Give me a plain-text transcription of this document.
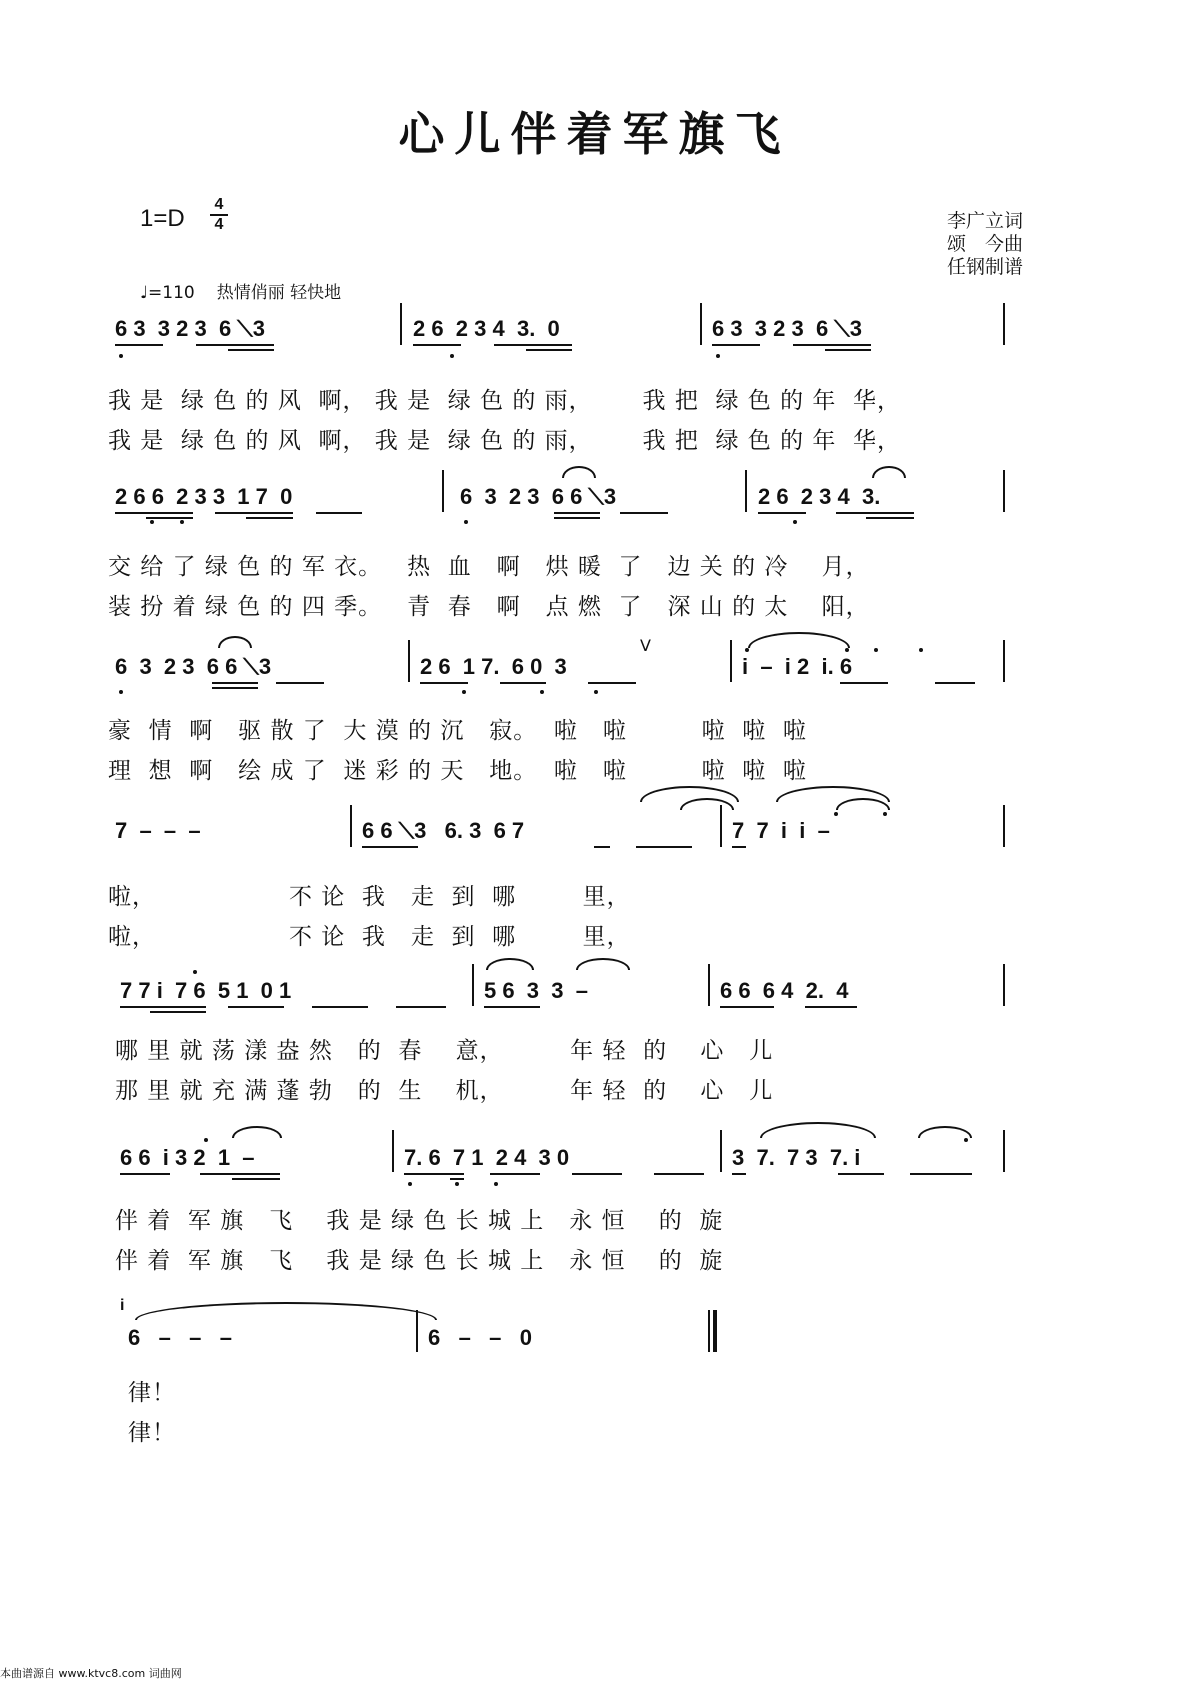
心儿伴着军旗飞
1=D
4
4
♩=110 热情俏丽 轻快地
李广立词
颂　今曲
任钢制谱
6 3  3 2 3  6 ⟍3	2 6  2 3 4  3.  0	6 3  3 2 3  6 ⟍3
我 是  绿 色 的 风  啊， 我 是  绿 色 的 雨，      我 把  绿 色 的 年  华，
我 是  绿 色 的 风  啊， 我 是  绿 色 的 雨，      我 把  绿 色 的 年  华，
2 6 6  2 3 3  1 7  0	6  3  2 3  6 6 ⟍3	2 6  2 3 4  3.
交 给 了 绿 色 的 军 衣。   热  血   啊   烘 暖  了   边 关 的 冷    月，
装 扮 着 绿 色 的 四 季。   青  春   啊   点 燃  了   深 山 的 太    阳，
6  3  2 3  6 6 ⟍3	2 6  1 7.  6 0  3	i  –  i 2  i. 6
V
豪  情  啊   驱 散 了  大 漠 的 沉   寂。  啦   啦         啦  啦  啦
理  想  啊   绘 成 了  迷 彩 的 天   地。  啦   啦         啦  啦  啦
7  –  –  –	6 6 ⟍3   6. 3  6 7	7  7  i  i  –
啦，                不 论  我   走  到  哪        里，
啦，                不 论  我   走  到  哪        里，
7 7 i  7 6  5 1  0 1	5 6  3  3  –	6 6  6 4  2.  4
哪 里 就 荡 漾 盎 然   的  春    意，        年 轻  的    心   儿
那 里 就 充 满 蓬 勃   的  生    机，        年 轻  的    心   儿
6 6  i 3 2  1  –	7. 6  7 1  2 4  3 0	3  7.  7 3  7. i
伴 着  军 旗   飞    我 是 绿 色 长 城 上   永 恒    的  旋
伴 着  军 旗   飞    我 是 绿 色 长 城 上   永 恒    的  旋
i
6   –   –   –	6   –   –   0
律！
律！
本曲谱源自 www.ktvc8.com 词曲网
